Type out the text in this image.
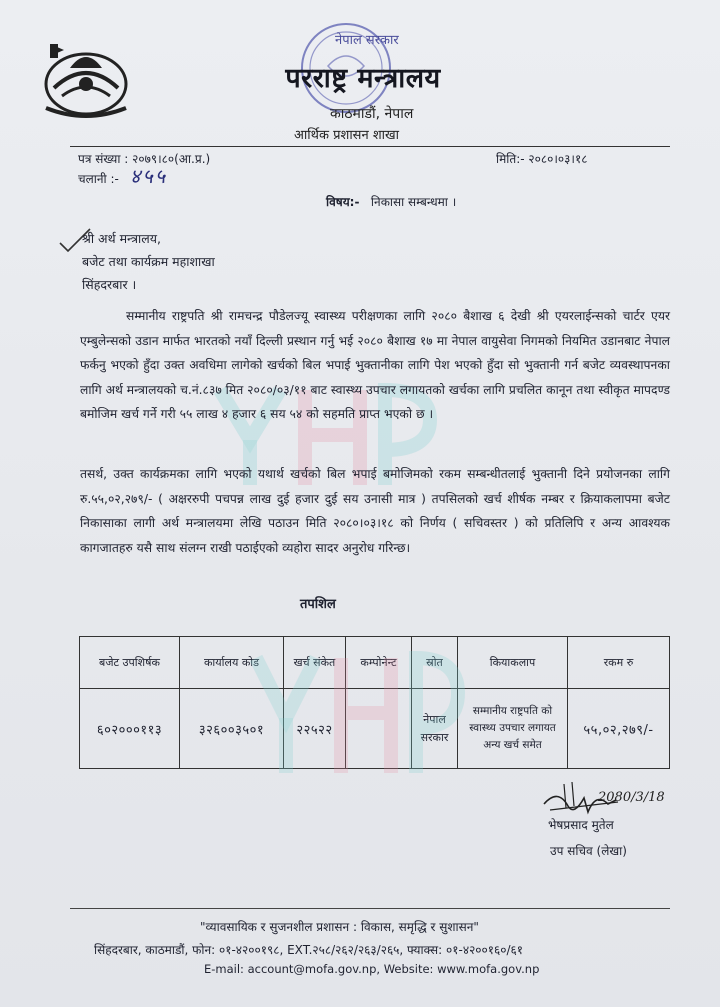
नेपाल सरकार
परराष्ट्र मन्त्रालय
काठमाडौं, नेपाल
आर्थिक प्रशासन शाखा
पत्र संख्या : २०७९।८०(आ.प्र.)	मिति:- २०८०।०३।१८
चलानी :- ४५५
विषय:- निकासा सम्बन्धमा ।
श्री अर्थ मन्त्रालय,
बजेट तथा कार्यक्रम महाशाखा
सिंहदरबार ।

सम्मानीय राष्ट्रपति श्री रामचन्द्र पौडेलज्यू स्वास्थ्य परीक्षणका लागि २०८० बैशाख ६ देखी श्री एयरलाईन्सको चार्टर एयर एम्बुलेन्सको उडान मार्फत भारतको नयाँ दिल्ली प्रस्थान गर्नु भई २०८० बैशाख १७ मा नेपाल वायुसेवा निगमको नियमित उडानबाट नेपाल फर्कनु भएको हुँदा उक्त अवधिमा लागेको खर्चको बिल भपाई भुक्तानीका लागि पेश भएको हुँदा सो भुक्तानी गर्न बजेट व्यवस्थापनका लागि अर्थ मन्त्रालयको च.नं.८३७ मित २०८०/०३/११ बाट स्वास्थ्य उपचार लगायतको खर्चका लागि प्रचलित कानून तथा स्वीकृत मापदण्ड बमोजिम खर्च गर्ने गरी ५५ लाख ४ हजार ६ सय ५४ को सहमति प्राप्त भएको छ ।

तसर्थ, उक्त कार्यक्रमका लागि भएको यथार्थ खर्चको बिल भपाई बमोजिमको रकम सम्बन्धीतलाई भुक्तानी दिने प्रयोजनका लागि रु.५५,०२,२७९/- ( अक्षररुपी पचपन्न लाख दुई हजार दुई सय उनासी मात्र ) तपसिलको खर्च शीर्षक नम्बर र क्रियाकलापमा बजेट निकासाका लागी अर्थ मन्त्रालयमा लेखि पठाउन मिति २०८०।०३।१८ को निर्णय ( सचिवस्तर ) को प्रतिलिपि र अन्य आवश्यक कागजातहरु यसै साथ संलग्न राखी पठाईएको व्यहोरा सादर अनुरोध गरिन्छ।

तपशिल
बजेट उपशिर्षक	कार्यालय कोड	खर्च संकेत	कम्पोनेन्ट	स्रोत	कियाकलाप	रकम रु
६०२०००११३	३२६००३५०१	२२५२२		नेपाल सरकार	सम्मानीय राष्ट्रपति को स्वास्थ्य उपचार लगायत अन्य खर्च समेत	५५,०२,२७९/-
2080/3/18
भेषप्रसाद मुतेल
उप सचिव (लेखा)
"व्यावसायिक र सुजनशील प्रशासन : विकास, समृद्धि र सुशासन"
सिंहदरबार, काठमाडौं, फोन: ०१-४२००१९८, EXT.२५८/२६२/२६३/२६५, फ्याक्स: ०१-४२००१६०/६१
E-mail: account@mofa.gov.np, Website: www.mofa.gov.np
